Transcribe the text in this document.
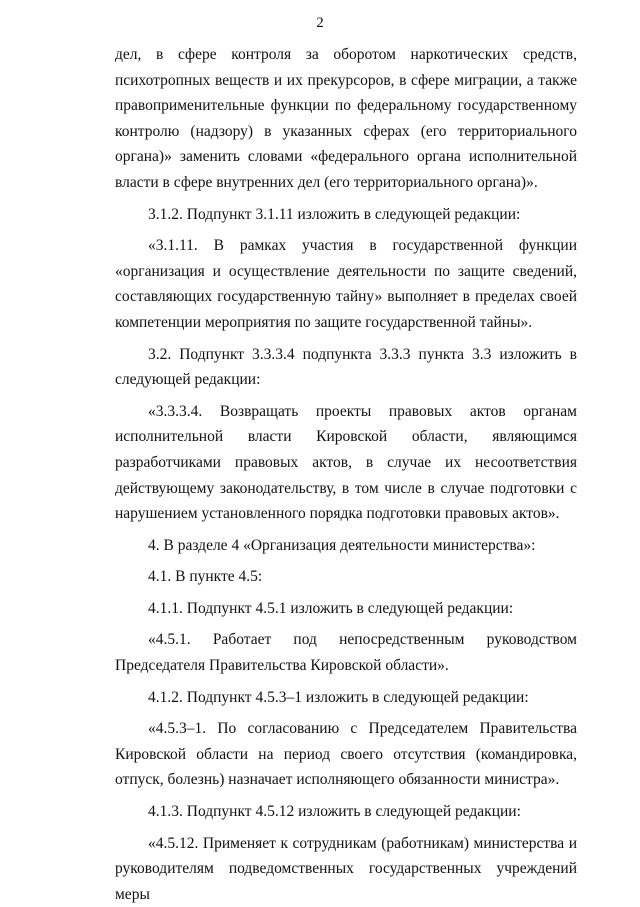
2

дел, в сфере контроля за оборотом наркотических средств, психотропных веществ и их прекурсоров, в сфере миграции, а также правоприменительные функции по федеральному государственному контролю (надзору) в указанных сферах (его территориального органа)» заменить словами «федерального органа исполнительной власти в сфере внутренних дел (его территориального органа)».

3.1.2. Подпункт 3.1.11 изложить в следующей редакции:

«3.1.11. В рамках участия в государственной функции «организация и осуществление деятельности по защите сведений, составляющих государственную тайну» выполняет в пределах своей компетенции мероприятия по защите государственной тайны».

3.2. Подпункт 3.3.3.4 подпункта 3.3.3 пункта 3.3 изложить в следующей редакции:

«3.3.3.4. Возвращать проекты правовых актов органам исполнительной власти Кировской области, являющимся разработчиками правовых актов, в случае их несоответствия действующему законодательству, в том числе в случае подготовки с нарушением установленного порядка подготовки правовых актов».

4. В разделе 4 «Организация деятельности министерства»:

4.1. В пункте 4.5:

4.1.1. Подпункт 4.5.1 изложить в следующей редакции:

«4.5.1. Работает под непосредственным руководством Председателя Правительства Кировской области».

4.1.2. Подпункт 4.5.3–1 изложить в следующей редакции:

«4.5.3–1. По согласованию с Председателем Правительства Кировской области на период своего отсутствия (командировка, отпуск, болезнь) назначает исполняющего обязанности министра».

4.1.3. Подпункт 4.5.12 изложить в следующей редакции:

«4.5.12. Применяет к сотрудникам (работникам) министерства и руководителям подведомственных государственных учреждений меры
